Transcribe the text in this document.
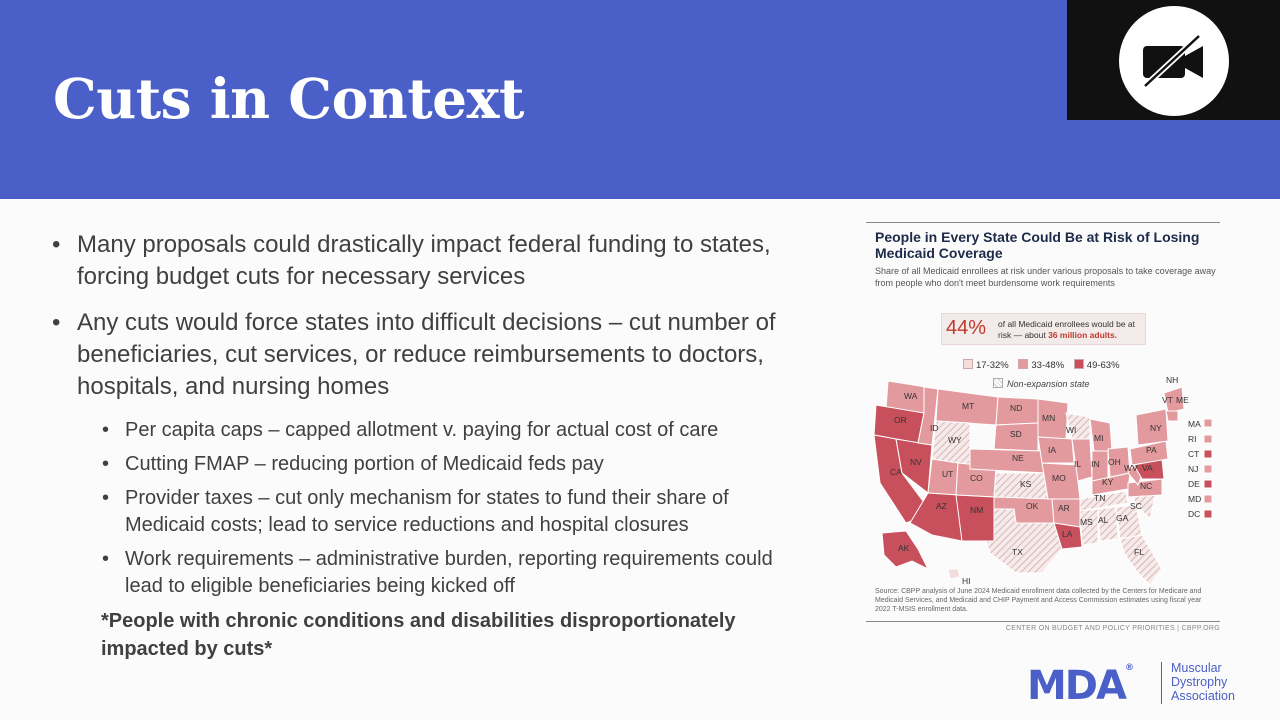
Cuts in Context
• Many proposals could drastically impact federal funding to states, forcing budget cuts for necessary services
• Any cuts would force states into difficult decisions – cut number of beneficiaries, cut services, or reduce reimbursements to doctors, hospitals, and nursing homes
• Per capita caps – capped allotment v. paying for actual cost of care
• Cutting FMAP – reducing portion of Medicaid feds pay
• Provider taxes – cut only mechanism for states to fund their share of Medicaid costs; lead to service reductions and hospital closures
• Work requirements – administrative burden, reporting requirements could lead to eligible beneficiaries being kicked off
*People with chronic conditions and disabilities disproportionately impacted by cuts*
People in Every State Could Be at Risk of Losing Medicaid Coverage
Share of all Medicaid enrollees at risk under various proposals to take coverage away from people who don't meet burdensome work requirements
44% of all Medicaid enrollees would be at risk — about 36 million adults.
17-32% 33-48% 49-63%
Non-expansion state
WA
OR
CA
AK
HI
ID
NV
MT
WY
UT
AZ
CO
NM
ND
SD
NE
KS
OK
TX
MN
IA
MO
AR
LA
WI
IL
MI
IN OH
KY
TN
MS AL GA
FL
SC
NC
VA
WV
PA
NY
VT
NH
ME
MA
RI
CT
NJ
DE
MD
DC
Source: CBPP analysis of June 2024 Medicaid enrollment data collected by the Centers for Medicare and Medicaid Services, and Medicaid and CHIP Payment and Access Commission estimates using fiscal year 2022 T-MSIS enrollment data.
CENTER ON BUDGET AND POLICY PRIORITIES | CBPP.ORG
MDA®	Muscular
Dystrophy
Association
